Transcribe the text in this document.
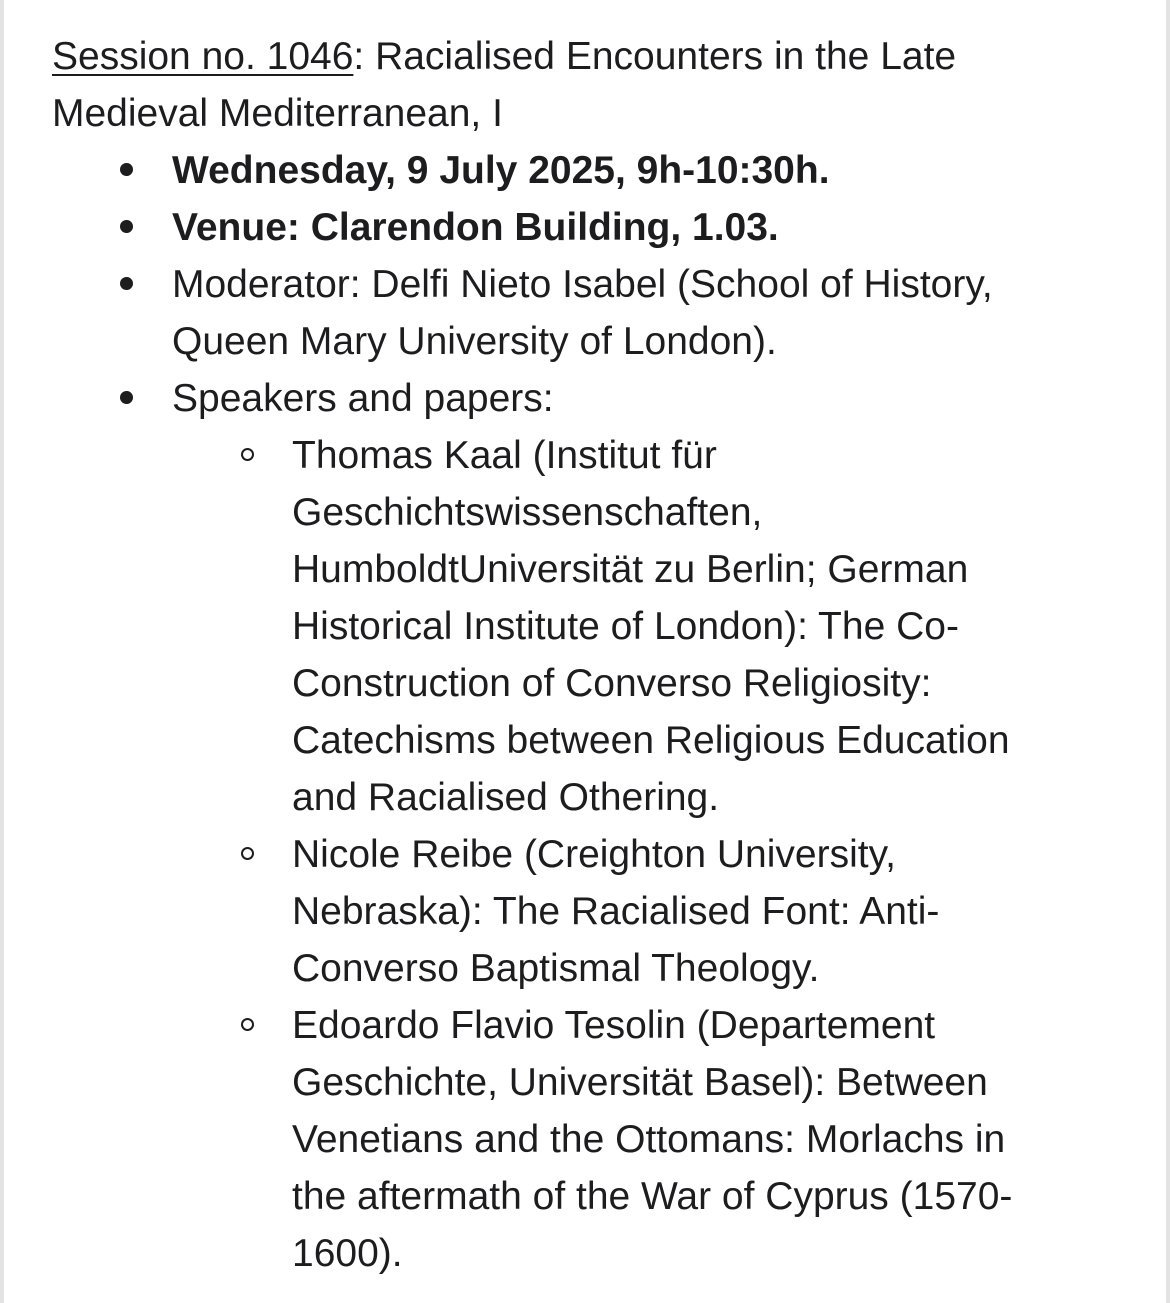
Session no. 1046: Racialised Encounters in the Late
Medieval Mediterranean, I
Wednesday, 9 July 2025, 9h-10:30h.
Venue: Clarendon Building, 1.03.
Moderator: Delfi Nieto Isabel (School of History,
Queen Mary University of London).
Speakers and papers:
Thomas Kaal (Institut für
Geschichtswissenschaften,
HumboldtUniversität zu Berlin; German
Historical Institute of London): The Co-
Construction of Converso Religiosity:
Catechisms between Religious Education
and Racialised Othering.
Nicole Reibe (Creighton University,
Nebraska): The Racialised Font: Anti-
Converso Baptismal Theology.
Edoardo Flavio Tesolin (Departement
Geschichte, Universität Basel): Between
Venetians and the Ottomans: Morlachs in
the aftermath of the War of Cyprus (1570-
1600).
